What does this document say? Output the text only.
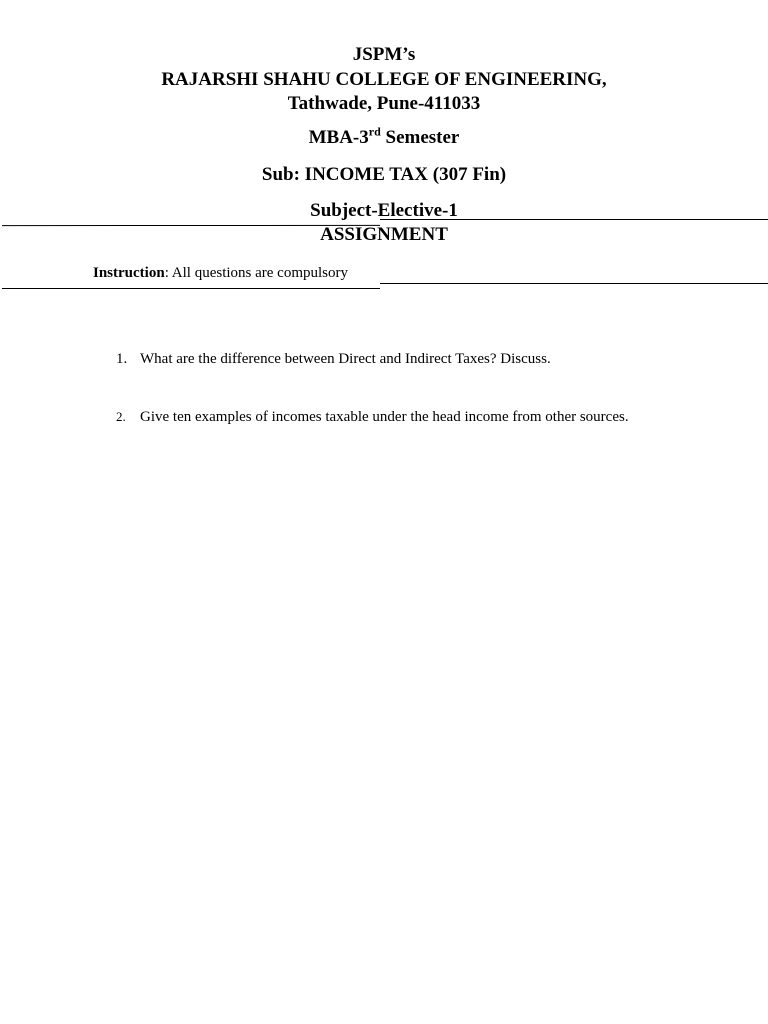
JSPM’s
RAJARSHI SHAHU COLLEGE OF ENGINEERING,
Tathwade, Pune-411033
MBA-3rd Semester
Sub: INCOME TAX (307 Fin)
Subject-Elective-1
ASSIGNMENT
Instruction: All questions are compulsory
1. What are the difference between Direct and Indirect Taxes? Discuss.
2. Give ten examples of incomes taxable under the head income from other sources.
